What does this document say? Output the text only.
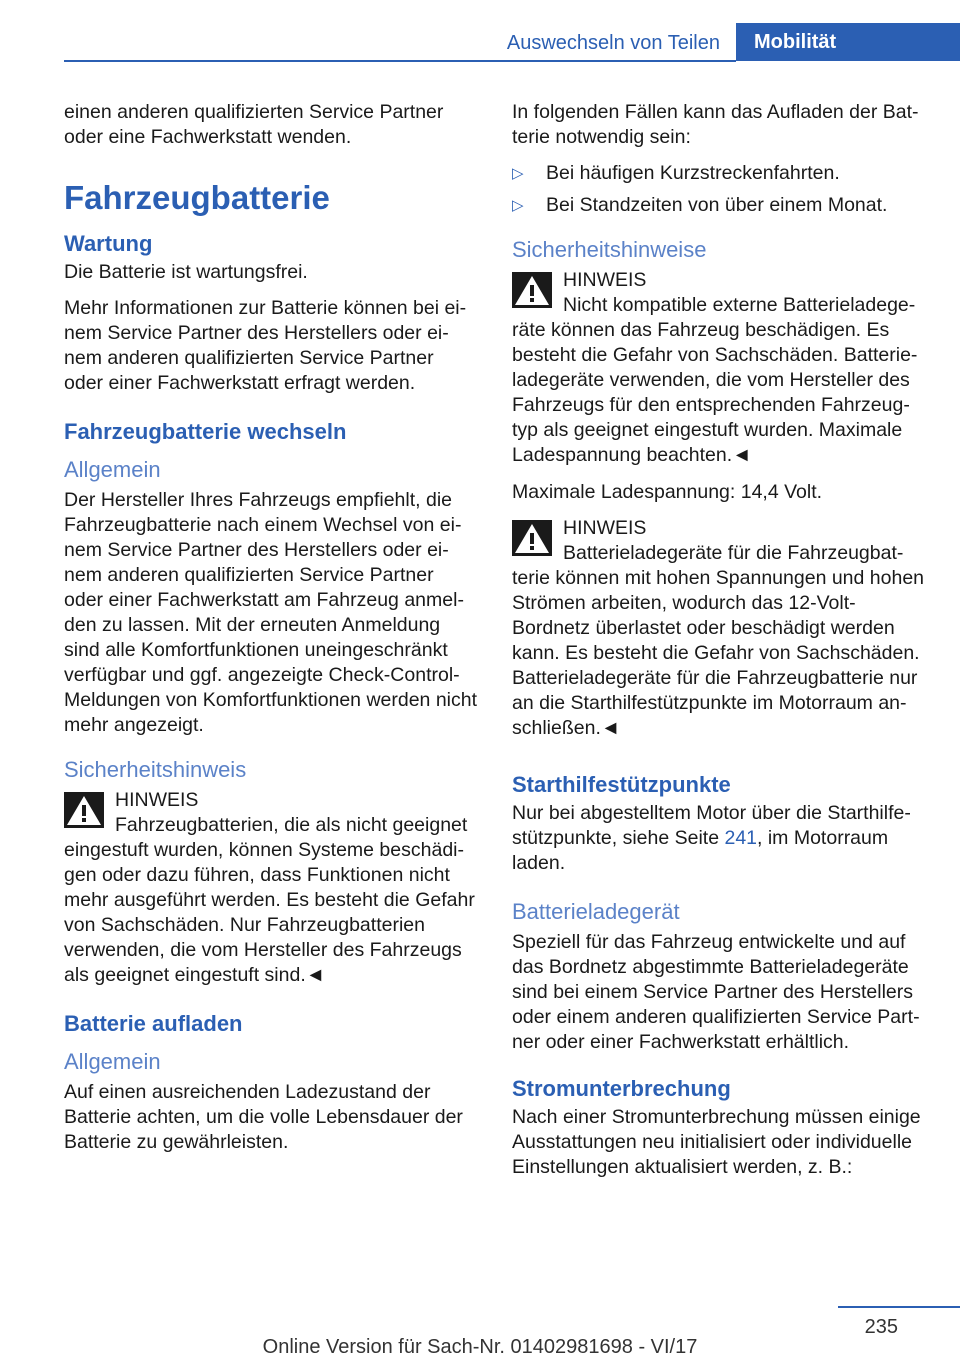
Auswechseln von Teilen	Mobilität

einen anderen qualifizierten Service Partner oder eine Fachwerkstatt wenden.

Fahrzeugbatterie
Wartung

Die Batterie ist wartungsfrei.

Mehr Informationen zur Batterie können bei einem Service Partner des Herstellers oder einem anderen qualifizierten Service Partner oder einer Fachwerkstatt erfragt werden.

Fahrzeugbatterie wechseln
Allgemein

Der Hersteller Ihres Fahrzeugs empfiehlt, die Fahrzeugbatterie nach einem Wechsel von einem Service Partner des Herstellers oder einem anderen qualifizierten Service Partner oder einer Fachwerkstatt am Fahrzeug anmelden zu lassen. Mit der erneuten Anmeldung sind alle Komfortfunktionen uneingeschränkt verfügbar und ggf. angezeigte Check-Control-Meldungen von Komfortfunktionen werden nicht mehr angezeigt.

Sicherheitshinweis
HINWEIS
Fahrzeugbatterien, die als nicht geeignet eingestuft wurden, können Systeme beschädigen oder dazu führen, dass Funktionen nicht mehr ausgeführt werden. Es besteht die Gefahr von Sachschäden. Nur Fahrzeugbatterien verwenden, die vom Hersteller des Fahrzeugs als geeignet eingestuft sind.◄
Batterie aufladen
Allgemein

Auf einen ausreichenden Ladezustand der Batterie achten, um die volle Lebensdauer der Batterie zu gewährleisten.

In folgenden Fällen kann das Aufladen der Batterie notwendig sein:

▷ Bei häufigen Kurzstreckenfahrten.
▷ Bei Standzeiten von über einem Monat.
Sicherheitshinweise
HINWEIS
Nicht kompatible externe Batterieladegeräte können das Fahrzeug beschädigen. Es besteht die Gefahr von Sachschäden. Batterieladegeräte verwenden, die vom Hersteller des Fahrzeugs für den entsprechenden Fahrzeugtyp als geeignet eingestuft wurden. Maximale Ladespannung beachten.◄

Maximale Ladespannung: 14,4 Volt.

HINWEIS
Batterieladegeräte für die Fahrzeugbatterie können mit hohen Spannungen und hohen Strömen arbeiten, wodurch das 12-Volt-Bordnetz überlastet oder beschädigt werden kann. Es besteht die Gefahr von Sachschäden. Batterieladegeräte für die Fahrzeugbatterie nur an die Starthilfestützpunkte im Motorraum anschließen.◄
Starthilfestützpunkte

Nur bei abgestelltem Motor über die Starthilfestützpunkte, siehe Seite 241, im Motorraum laden.

Batterieladegerät

Speziell für das Fahrzeug entwickelte und auf das Bordnetz abgestimmte Batterieladegeräte sind bei einem Service Partner des Herstellers oder einem anderen qualifizierten Service Partner oder einer Fachwerkstatt erhältlich.

Stromunterbrechung

Nach einer Stromunterbrechung müssen einige Ausstattungen neu initialisiert oder individuelle Einstellungen aktualisiert werden, z. B.:

235
Online Version für Sach-Nr. 01402981698 - VI/17
